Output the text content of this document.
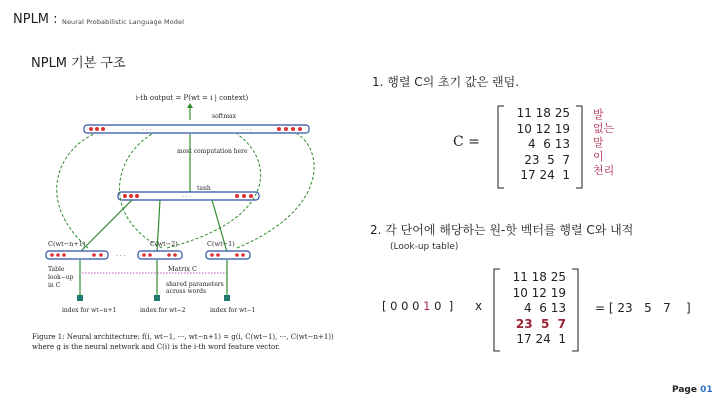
NPLM : Neural Probabilistic Language Model
NPLM 기본 구조
i-th output = P(wt = i | context)
softmax
· · ·	· · ·
most computation here
tanh
· · ·
C(wt−n+1)	C(wt−2)	C(wt−1)
· · ·
Table
look−up
in C
Matrix C
shared parameters
across words
index for wt−n+1	index for wt−2	index for wt−1
Figure 1: Neural architecture: f(i, wt−1, ···, wt−n+1) = g(i, C(wt−1), ···, C(wt−n+1)) where g is the neural network and C(i) is the i-th word feature vector.
1. 행렬 C의 초기 값은 랜덤.
C =
11 18 25
10 12 19
4  6 13
23  5  7
17 24  1
발
없는
말
이
천리
2. 각 단어에 해당하는 원-핫 벡터를 행렬 C와 내적
(Look-up table)
[ 0 0 0 1 0 ] x
11 18 25
10 12 19
4  6 13
23  5  7
17 24  1
= [ 23   5   7    ]
Page 01
